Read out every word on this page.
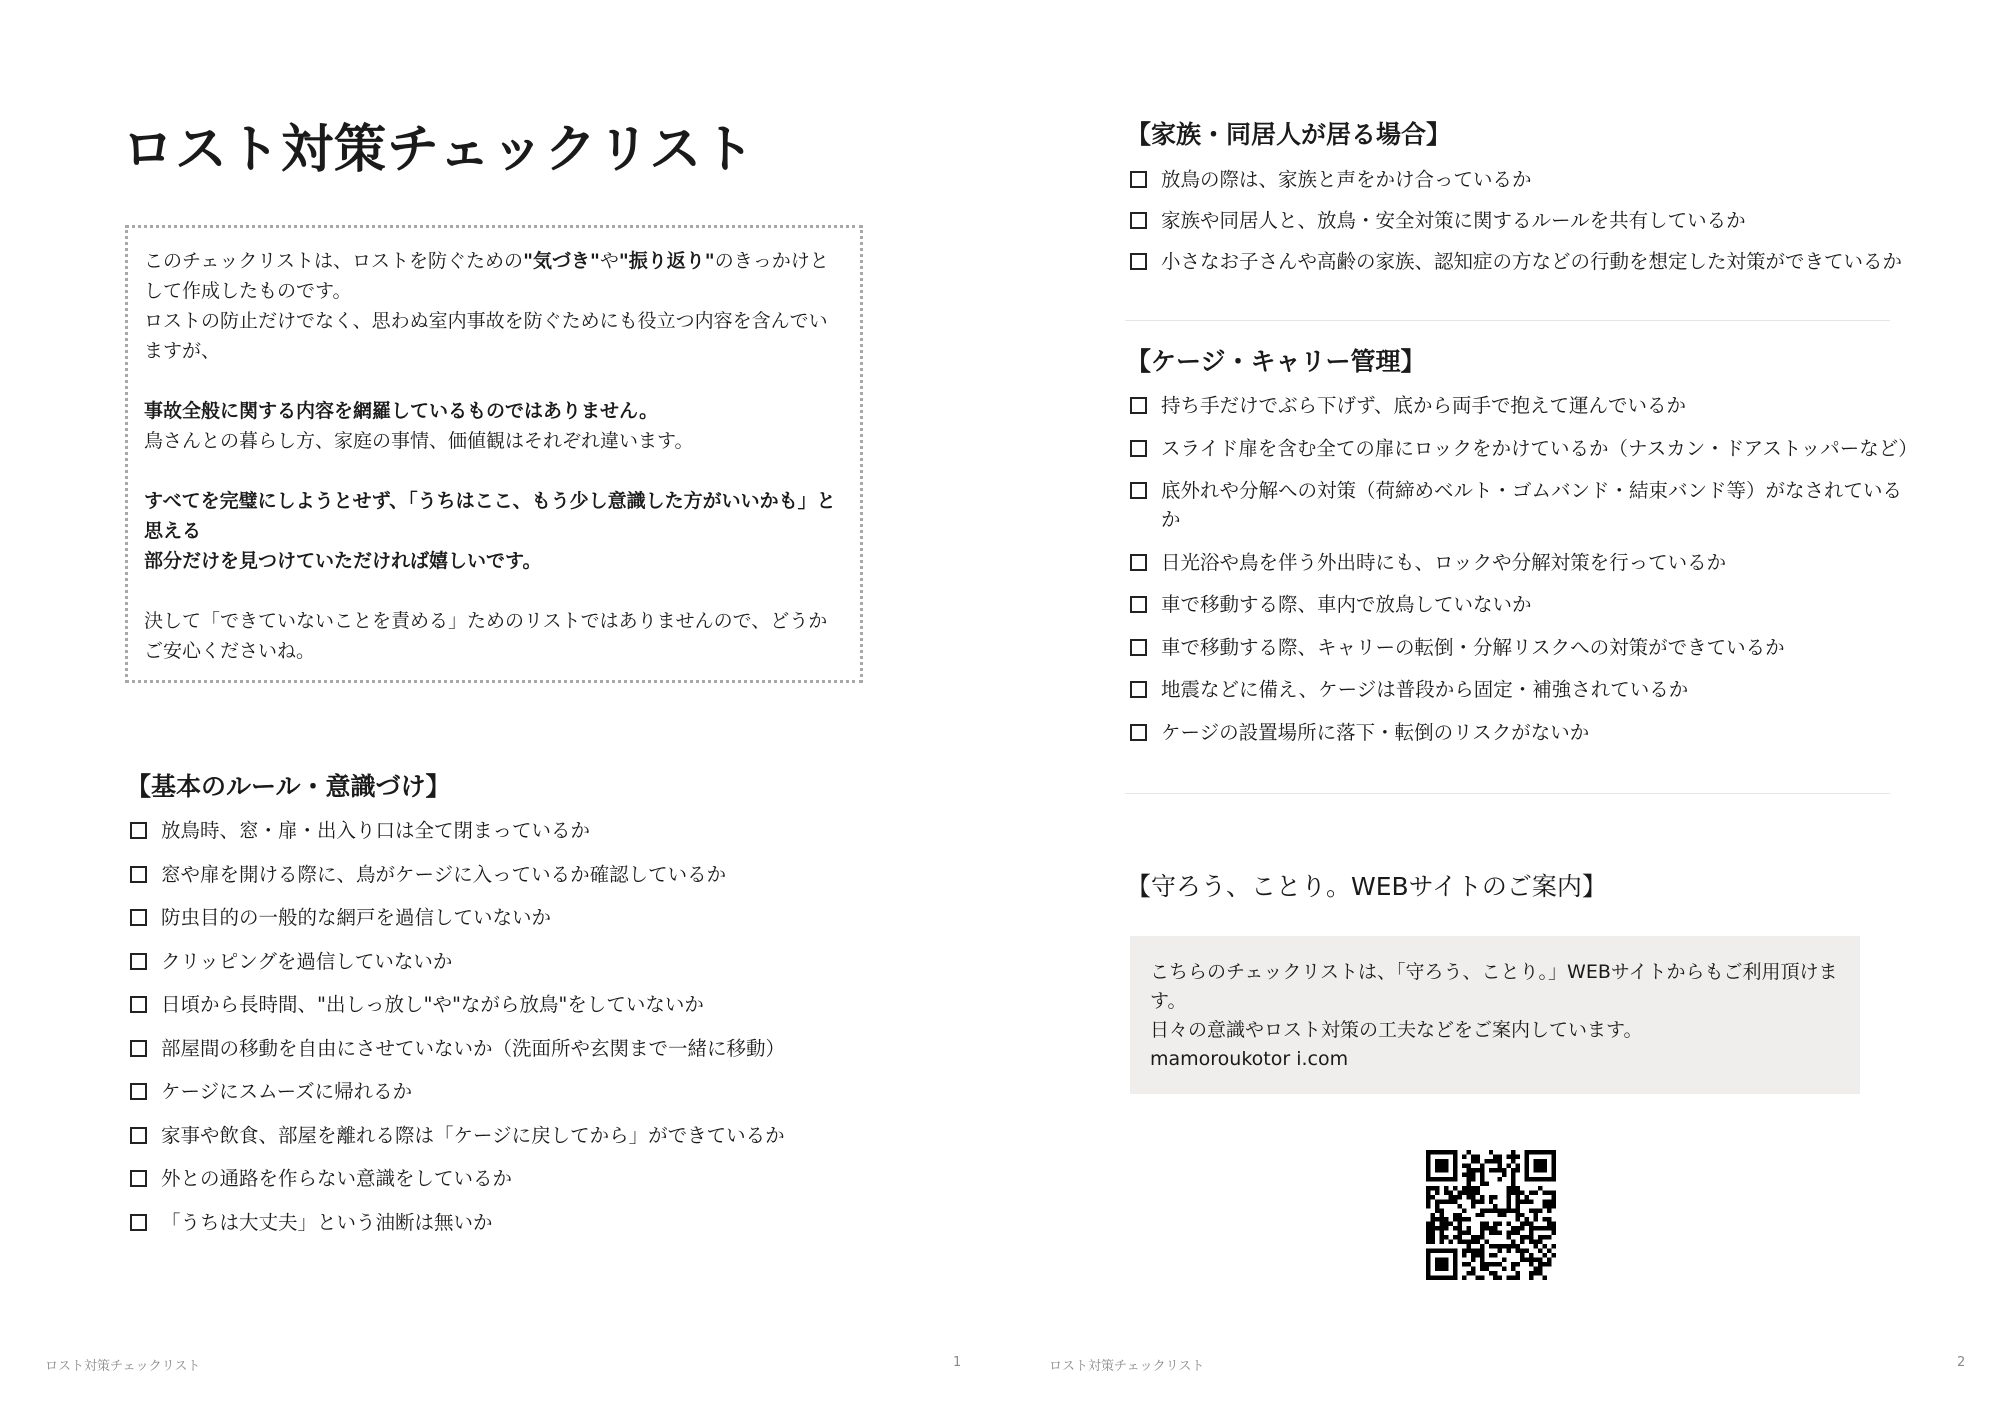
ロスト対策チェックリスト

このチェックリストは、ロストを防ぐための"気づき"や"振り返り"のきっかけとして作成したものです。

ロストの防止だけでなく、思わぬ室内事故を防ぐためにも役立つ内容を含んでいますが、

事故全般に関する内容を網羅しているものではありません。

鳥さんとの暮らし方、家庭の事情、価値観はそれぞれ違います。

すべてを完璧にしようとせず、「うちはここ、もう少し意識した方がいいかも」と思える

部分だけを見つけていただければ嬉しいです。

決して「できていないことを責める」ためのリストではありませんので、どうかご安心くださいね。

【基本のルール・意識づけ】
放鳥時、窓・扉・出入り口は全て閉まっているか
窓や扉を開ける際に、鳥がケージに入っているか確認しているか
防虫目的の一般的な網戸を過信していないか
クリッピングを過信していないか
日頃から長時間、"出しっ放し"や"ながら放鳥"をしていないか
部屋間の移動を自由にさせていないか（洗面所や玄関まで一緒に移動）
ケージにスムーズに帰れるか
家事や飲食、部屋を離れる際は「ケージに戻してから」ができているか
外との通路を作らない意識をしているか
「うちは大丈夫」という油断は無いか
ロスト対策チェックリスト	1
【家族・同居人が居る場合】
放鳥の際は、家族と声をかけ合っているか
家族や同居人と、放鳥・安全対策に関するルールを共有しているか
小さなお子さんや高齢の家族、認知症の方などの行動を想定した対策ができているか
【ケージ・キャリー管理】
持ち手だけでぶら下げず、底から両手で抱えて運んでいるか
スライド扉を含む全ての扉にロックをかけているか（ナスカン・ドアストッパーなど）
底外れや分解への対策（荷締めベルト・ゴムバンド・結束バンド等）がなされているか
日光浴や鳥を伴う外出時にも、ロックや分解対策を行っているか
車で移動する際、車内で放鳥していないか
車で移動する際、キャリーの転倒・分解リスクへの対策ができているか
地震などに備え、ケージは普段から固定・補強されているか
ケージの設置場所に落下・転倒のリスクがないか
【守ろう、ことり。WEBサイトのご案内】

こちらのチェックリストは、「守ろう、ことり。」WEBサイトからもご利用頂けます。

日々の意識やロスト対策の工夫などをご案内しています。

mamoroukotor i.com

ロスト対策チェックリスト	2
